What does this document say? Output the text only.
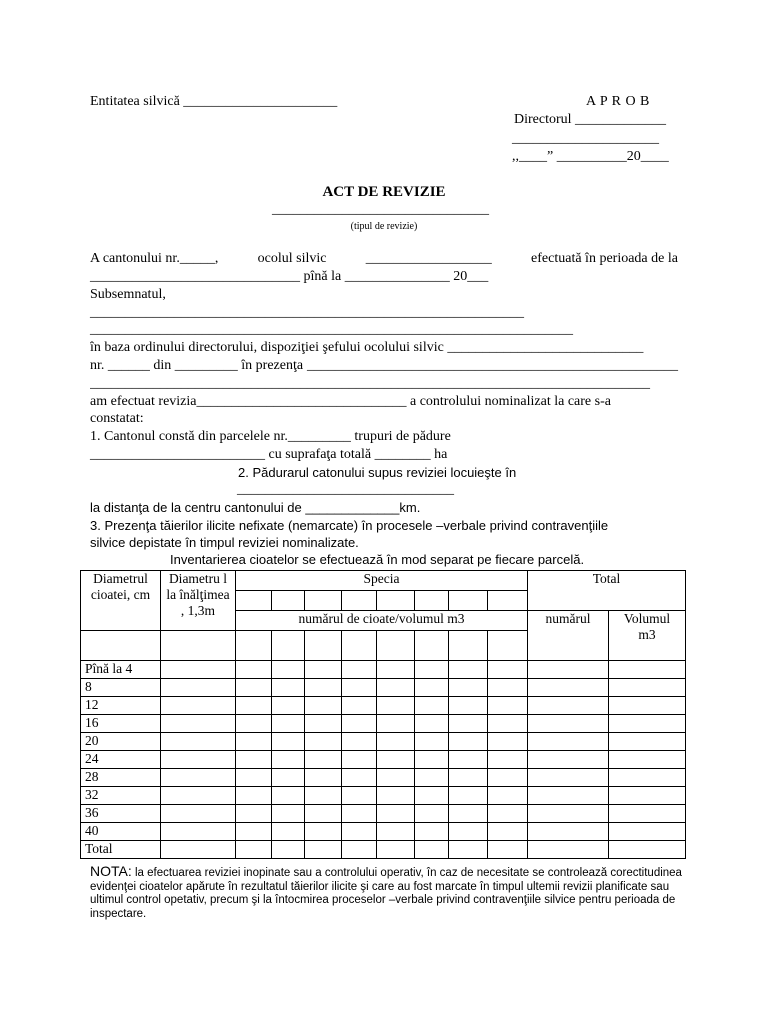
Entitatea silvică ______________________	A P R O B
Directorul _____________
_____________________
,,____” __________20____
ACT DE REVIZIE
_______________________________
(tipul de revizie)
A cantonului nr._____,	ocolul silvic	__________________	efectuată în perioada de la
______________________________ pînă la _______________ 20___
Subsemnatul,
______________________________________________________________
_____________________________________________________________________
în baza ordinului directorului, dispoziţiei şefului ocolului silvic ____________________________
nr. ______ din _________ în prezenţa _____________________________________________________
________________________________________________________________________________
am efectuat revizia______________________________ a controlului nominalizat la care s-a
constatat:
1. Cantonul constă din parcelele nr._________ trupuri de pădure
_________________________ cu suprafaţa totală ________ ha
2. Pădurarul catonului supus reviziei locuieşte în
_______________________________
la distanţa de la centru cantonului de _____________km.
3. Prezenţa tăierilor ilicite nefixate (nemarcate) în procesele –verbale privind contravenţiile
silvice depistate în timpul reviziei nominalizate.
Inventarierea cioatelor se efectuează în mod separat pe fiecare parcelă.
Diametrul cioatei, cm	Diametru l la înălţimea , 1,3m	Specia								Total	

		numărul de cioate/volumul m3								numărul	Volumul m3

Pînă la 4											
8											
12											
16											
20											
24											
28											
32											
36											
40											
Total											
NOTA: la efectuarea reviziei inopinate sau a controlului operativ, în caz de necesitate se controlează corectitudinea evidenţei cioatelor apărute în rezultatul tăierilor ilicite şi care au fost marcate în timpul ultemii revizii planificate sau ultimul control opetativ, precum şi la întocmirea proceselor –verbale privind contravenţiile silvice pentru perioada de inspectare.
